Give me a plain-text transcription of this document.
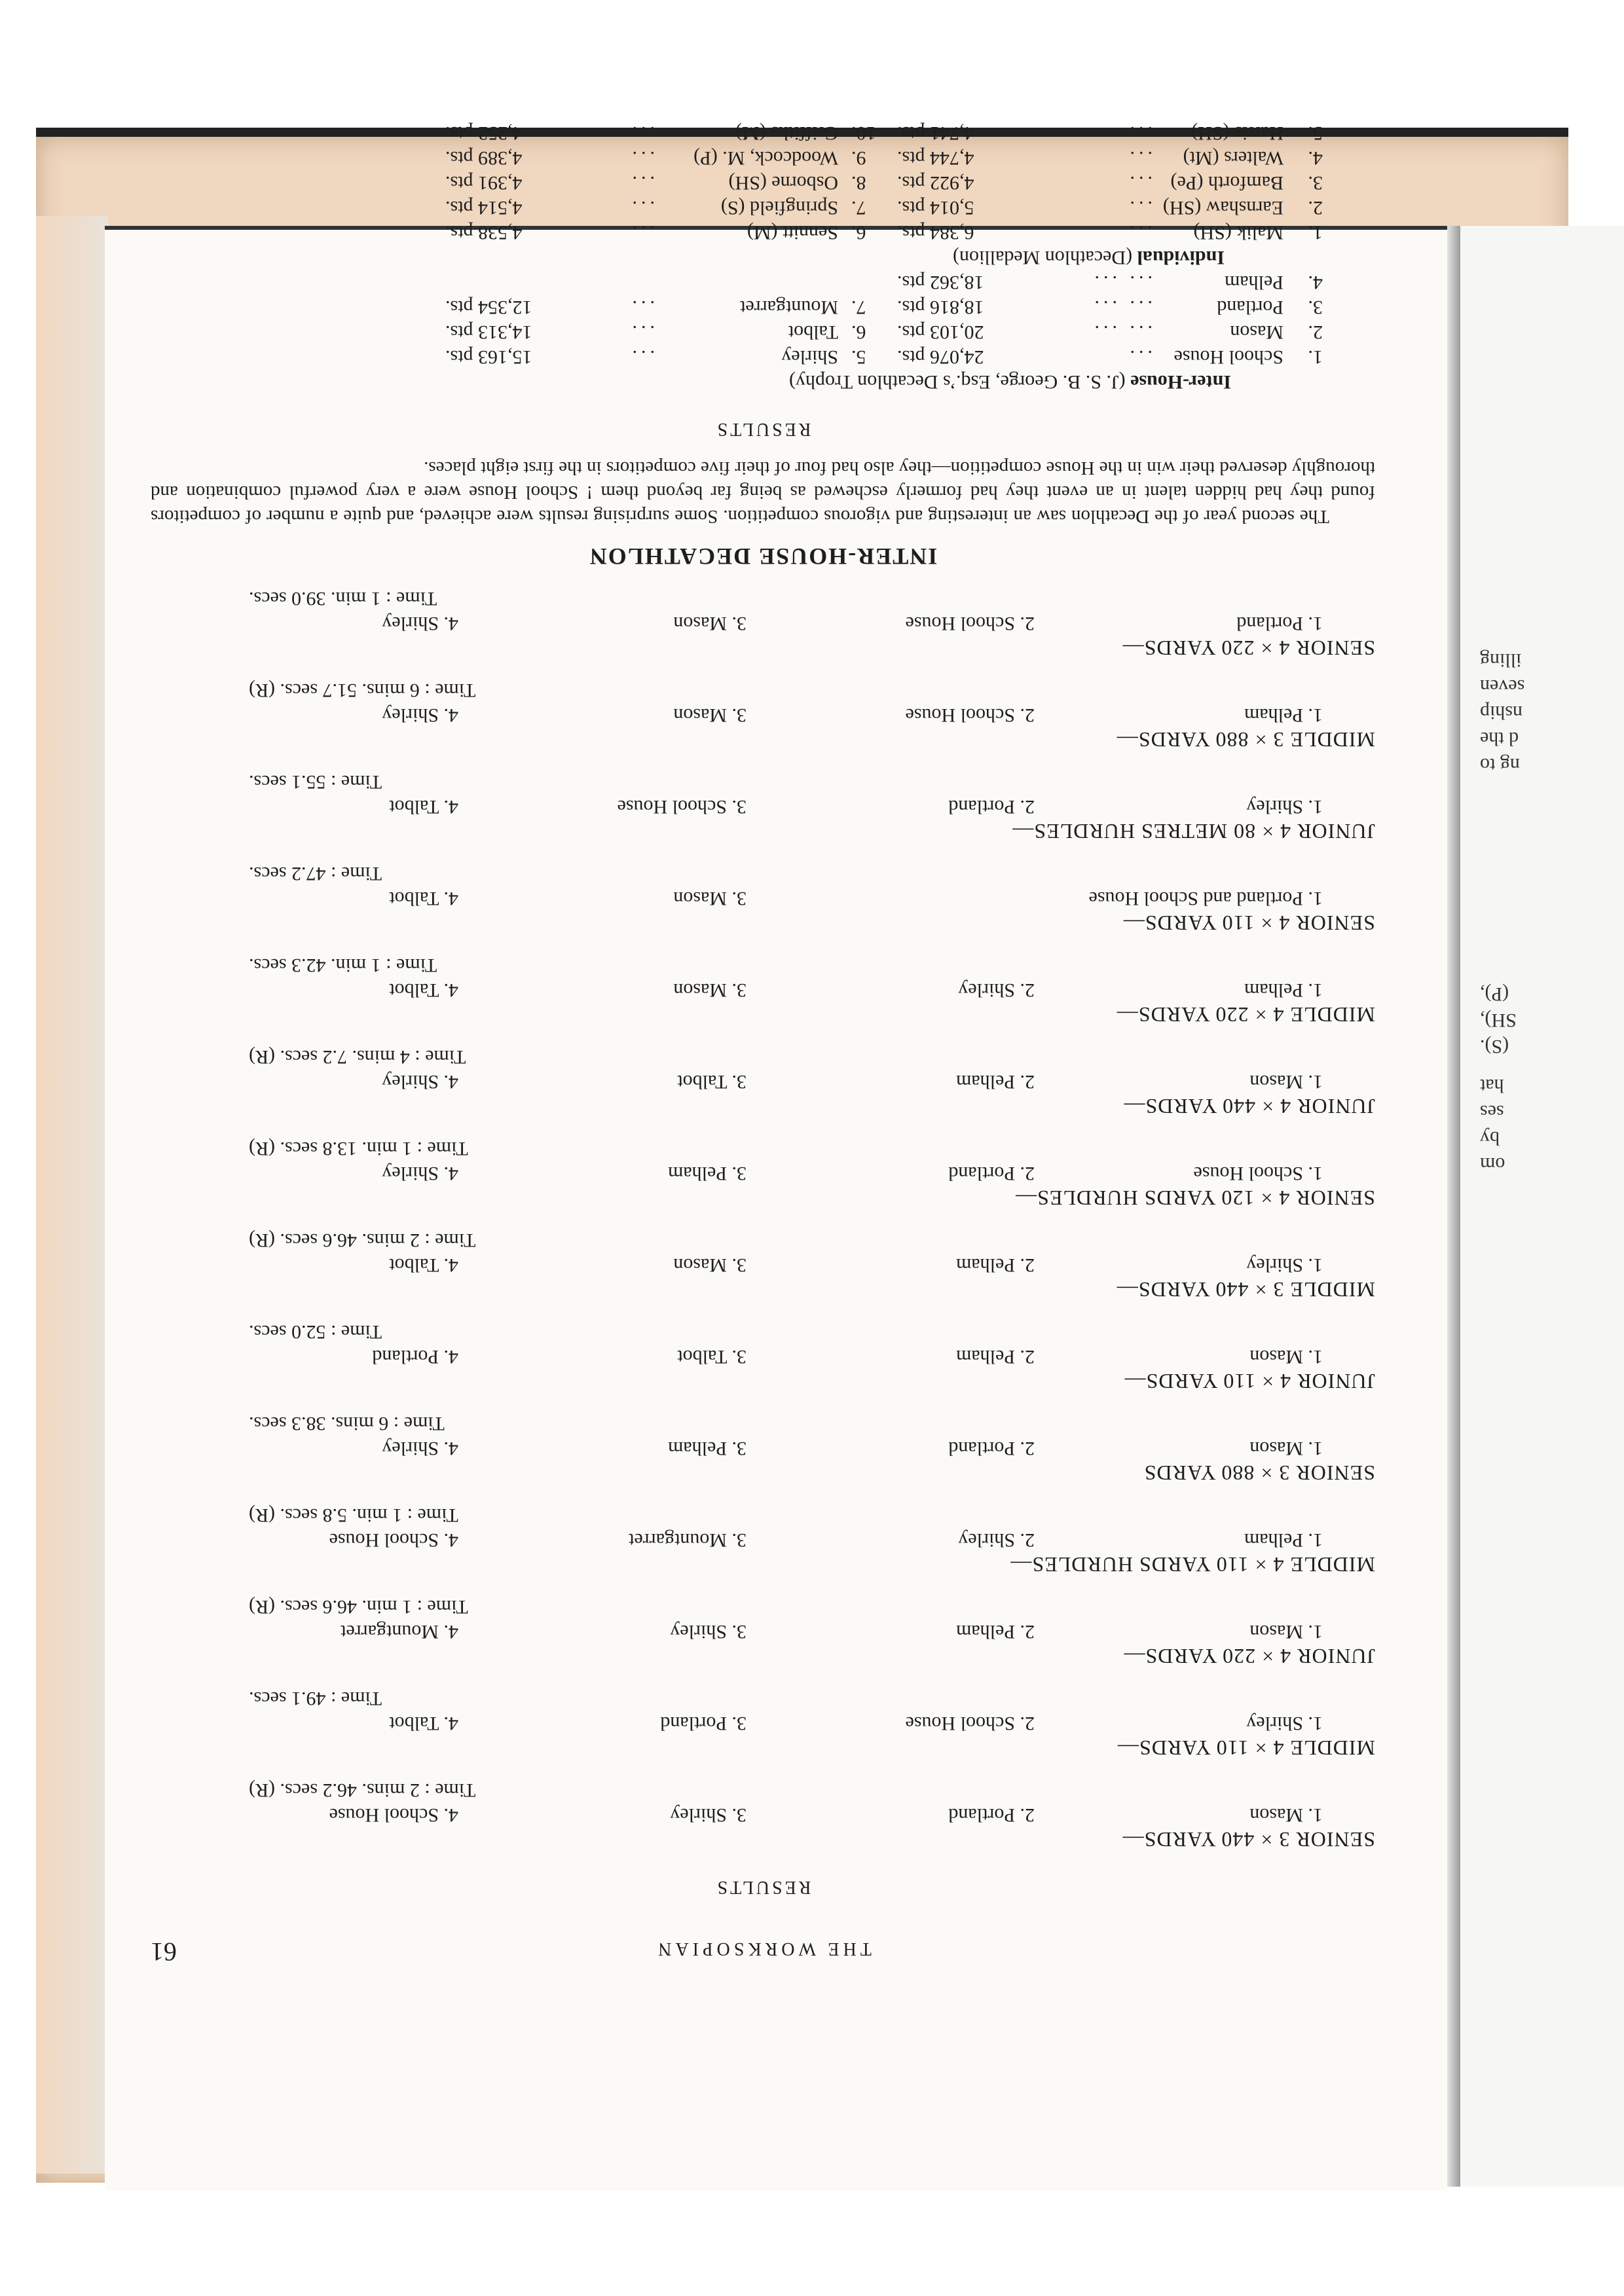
illing
seven
nship
d the
ng to
(P),
SH),
(S).
hat
ses
by
om
THE WORKSOPIAN
61
RESULTS
SENIOR 3 × 440 YARDS—
1. Mason
2. Portland
3. Shirley
4. School House
Time : 2 mins. 46.2 secs. (R)
MIDDLE 4 × 110 YARDS—
1. Shirley
2. School House
3. Portland
4. Talbot
Time : 49.1 secs.
JUNIOR 4 × 220 YARDS—
1. Mason
2. Pelham
3. Shirley
4. Mountgarret
Time : 1 min. 46.6 secs. (R)
MIDDLE 4 × 110 YARDS HURDLES—
1. Pelham
2. Shirley
3. Mountgarret
4. School House
Time : 1 min. 5.8 secs. (R)
SENIOR 3 × 880 YARDS
1. Mason
2. Portland
3. Pelham
4. Shirley
Time : 6 mins. 38.3 secs.
JUNIOR 4 × 110 YARDS—
1. Mason
2. Pelham
3. Talbot
4. Portland
Time : 52.0 secs.
MIDDLE 3 × 440 YARDS—
1. Shirley
2. Pelham
3. Mason
4. Talbot
Time : 2 mins. 46.6 secs. (R)
SENIOR 4 × 120 YARDS HURDLES—
1. School House
2. Portland
3. Pelham
4. Shirley
Time : 1 min. 13.8 secs. (R)
JUNIOR 4 × 440 YARDS—
1. Mason
2. Pelham
3. Talbot
4. Shirley
Time : 4 mins. 7.2 secs. (R)
MIDDLE 4 × 220 YARDS—
1. Pelham
2. Shirley
3. Mason
4. Talbot
Time : 1 min. 42.3 secs.
SENIOR 4 × 110 YARDS—
1. Portland and School House
3. Mason
4. Talbot
Time : 47.2 secs.
JUNIOR 4 × 80 METRES HURDLES—
1. Shirley
2. Portland
3. School House
4. Talbot
Time : 55.1 secs.
MIDDLE 3 × 880 YARDS—
1. Pelham
2. School House
3. Mason
4. Shirley
Time : 6 mins. 51.7 secs. (R)
SENIOR 4 × 220 YARDS—
1. Portland
2. School House
3. Mason
4. Shirley
Time : 1 min. 39.0 secs.
INTER-HOUSE DECATHLON

The second year of the Decathlon saw an interesting and vigorous competition. Some surprising results were achieved, and quite a number of competitors found they had hidden talent in an event they had formerly eschewed as being far beyond them ! School House were a very powerful combination and thoroughly deserved their win in the House competition—they also had four of their five competitors in the first eight places.

RESULTS
Inter-House (J. S. B. George, Esq.’s Decathlon Trophy)
1.
School House
...
24,076 pts.
5.
Shirley
...
15,163 pts.
2.
Mason
... ...
20,103 pts.
6.
Talbot
...
14,313 pts.
3.
Portland
... ...
18,816 pts.
7.
Mountgarret
...
12,354 pts.
4.
Pelham
... ...
18,362 pts.
Individual (Decathlon Medallion)
1.
Malik (SH)
...
6,384 pts.
6.
Sennitt (M)
...
4,538 pts.
2.
Earnshaw (SH)
...
5,014 pts.
7.
Springfield (S)
...
4,514 pts.
3.
Bamforth (Pe)
...
4,922 pts.
8.
Osborne (SH)
...
4,391 pts.
4.
Walters (Mt)
...
4,744 pts.
9.
Woodcock, M. (P)
...
4,389 pts.
5.
Harris (SH)
...
4,741 pts.
10.
Griffiths (M)
...
4,252 pts.
